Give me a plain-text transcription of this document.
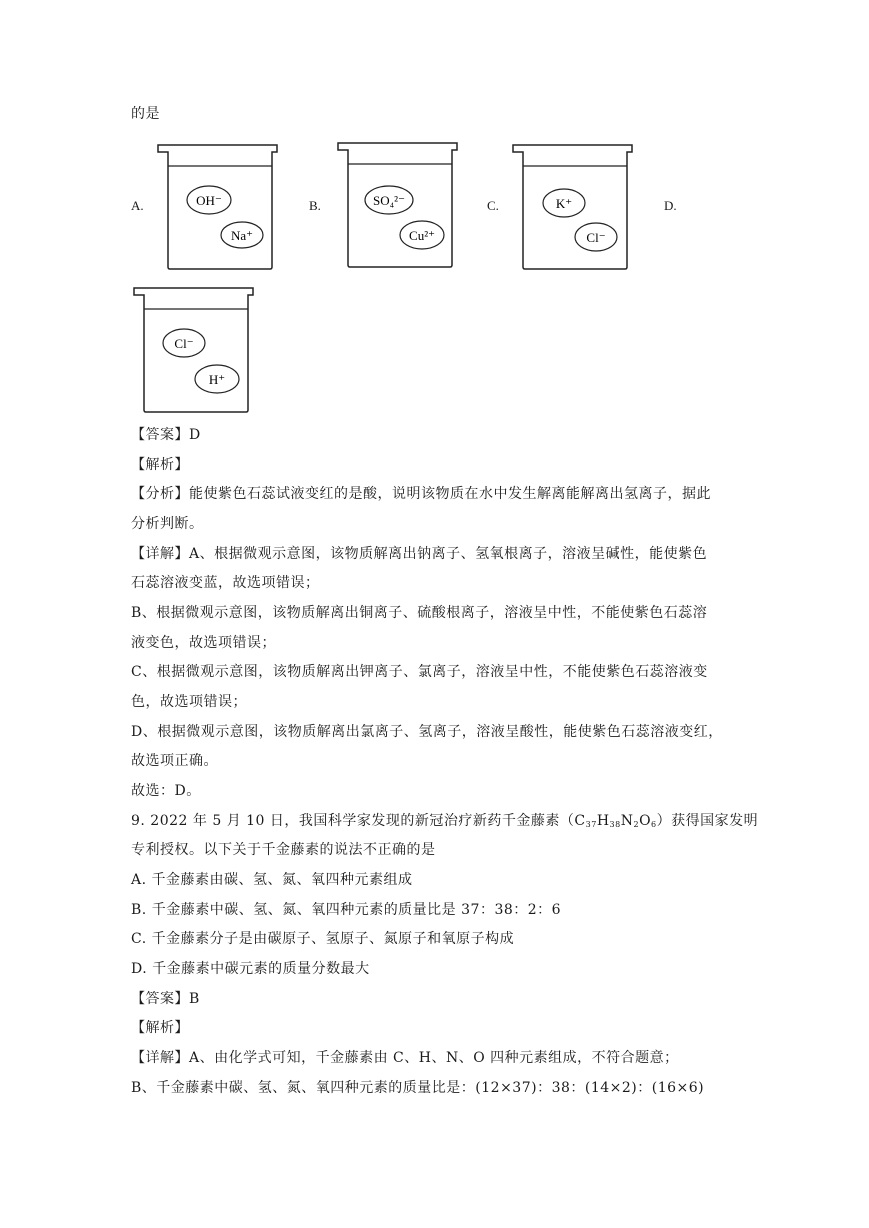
的是
A.	B.	C.	D.
OH⁻
Na⁺
SO₄²⁻
Cu²⁺
K⁺
Cl⁻
Cl⁻
H⁺
【答案】D
【解析】
【分析】能使紫色石蕊试液变红的是酸，说明该物质在水中发生解离能解离出氢离子，据此
分析判断。
【详解】A、根据微观示意图，该物质解离出钠离子、氢氧根离子，溶液呈碱性，能使紫色
石蕊溶液变蓝，故选项错误；
B、根据微观示意图，该物质解离出铜离子、硫酸根离子，溶液呈中性，不能使紫色石蕊溶
液变色，故选项错误；
C、根据微观示意图，该物质解离出钾离子、氯离子，溶液呈中性，不能使紫色石蕊溶液变
色，故选项错误；
D、根据微观示意图，该物质解离出氯离子、氢离子，溶液呈酸性，能使紫色石蕊溶液变红，
故选项正确。
故选：D。
9. 2022 年 5 月 10 日，我国科学家发现的新冠治疗新药千金藤素$(C_{37}H_{38}N_2O_6)$获得国家发明
专利授权。以下关于千金藤素的说法不正确的是
A. 千金藤素由碳、氢、氮、氧四种元素组成
B. 千金藤素中碳、氢、氮、氧四种元素的质量比是 37：38：2：6
C. 千金藤素分子是由碳原子、氢原子、氮原子和氧原子构成
D. 千金藤素中碳元素的质量分数最大
【答案】B
【解析】
【详解】A、由化学式可知，千金藤素由 C、H、N、O 四种元素组成，不符合题意；
B、千金藤素中碳、氢、氮、氧四种元素的质量比是：(12×37)：38：(14×2)：(16×6)
